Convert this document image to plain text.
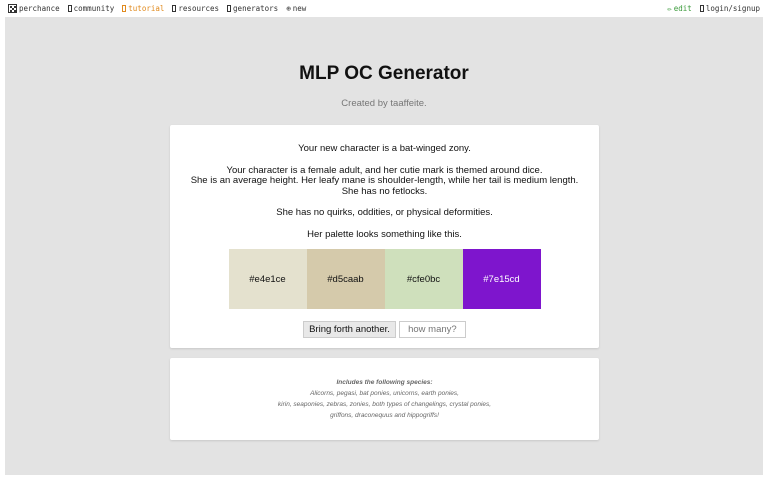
perchance community tutorial resources generators ⊕ new	✏ edit login/signup
MLP OC Generator
Created by taaffeite.

Your new character is a bat-winged zony.

Your character is a female adult, and her cutie mark is themed around dice.

She is an average height. Her leafy mane is shoulder-length, while her tail is medium length.

She has no fetlocks.

She has no quirks, oddities, or physical deformities.

Her palette looks something like this.

#e4e1ce	#d5caab	#cfe0bc	#7e15cd
Bring forth another.
how many?
Includes the following species:
Alicorns, pegasi, bat ponies, unicorns, earth ponies,
kirin, seaponies, zebras, zonies, both types of changelings, crystal ponies,
griffons, draconequus and hippogriffs!
